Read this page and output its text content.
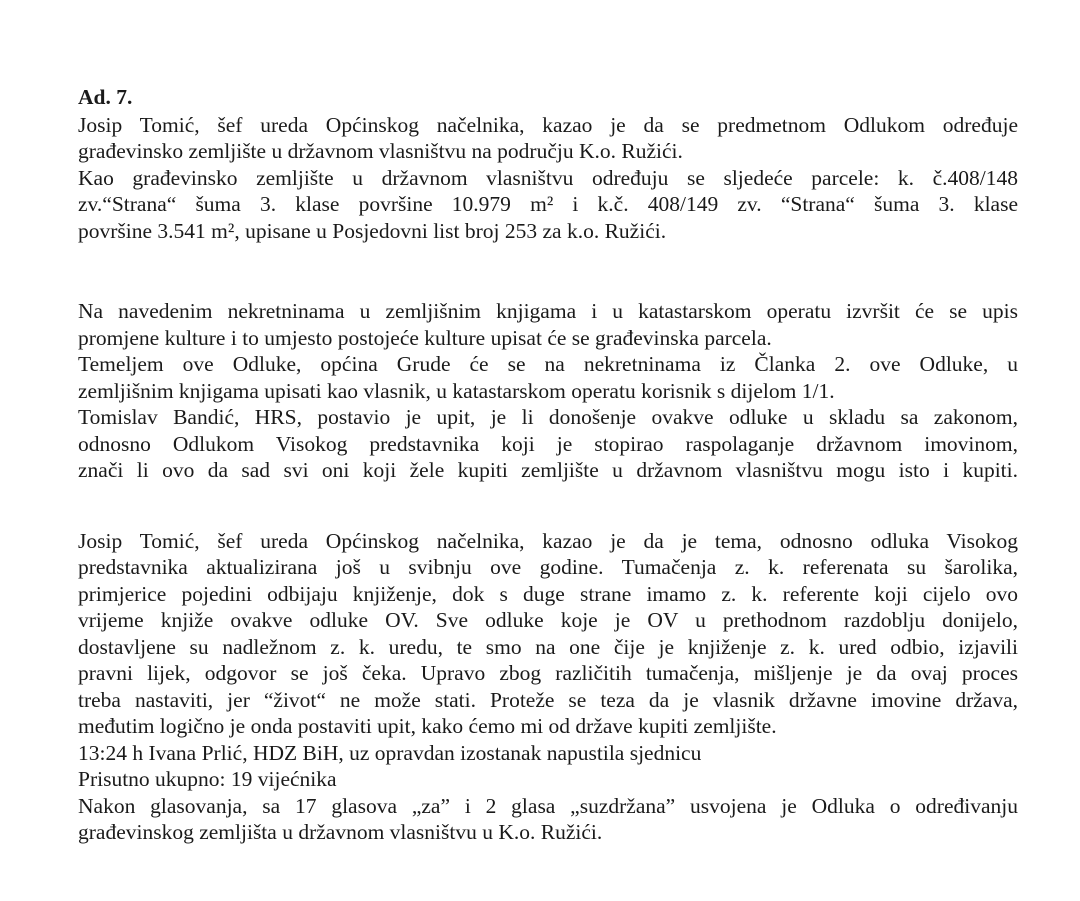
Ad. 7.
Josip Tomić, šef ureda Općinskog načelnika, kazao je da se predmetnom Odlukom određuje
građevinsko zemljište u državnom vlasništvu na području K.o. Ružići.
Kao građevinsko zemljište u državnom vlasništvu određuju se sljedeće parcele: k. č.408/148
zv.“Strana“ šuma 3. klase površine 10.979 m² i k.č. 408/149 zv. “Strana“ šuma 3. klase
površine 3.541 m², upisane u Posjedovni list broj 253 za k.o. Ružići.
Na navedenim nekretninama u zemljišnim knjigama i u katastarskom operatu izvršit će se upis
promjene kulture i to umjesto postojeće kulture upisat će se građevinska parcela.
Temeljem ove Odluke, općina Grude će se na nekretninama iz Članka 2. ove Odluke, u
zemljišnim knjigama upisati kao vlasnik, u katastarskom operatu korisnik s dijelom 1/1.
Tomislav Bandić, HRS, postavio je upit, je li donošenje ovakve odluke u skladu sa zakonom,
odnosno Odlukom Visokog predstavnika koji je stopirao raspolaganje državnom imovinom,
znači li ovo da sad svi oni koji žele kupiti zemljište u državnom vlasništvu mogu isto i kupiti.
Josip Tomić, šef ureda Općinskog načelnika, kazao je da je tema, odnosno odluka Visokog
predstavnika aktualizirana još u svibnju ove godine. Tumačenja z. k. referenata su šarolika,
primjerice pojedini odbijaju knjiženje, dok s duge strane imamo z. k. referente koji cijelo ovo
vrijeme knjiže ovakve odluke OV. Sve odluke koje je OV u prethodnom razdoblju donijelo,
dostavljene su nadležnom z. k. uredu, te smo na one čije je knjiženje z. k. ured odbio, izjavili
pravni lijek, odgovor se još čeka. Upravo zbog različitih tumačenja, mišljenje je da ovaj proces
treba nastaviti, jer “život“ ne može stati. Proteže se teza da je vlasnik državne imovine država,
međutim logično je onda postaviti upit, kako ćemo mi od države kupiti zemljište.
13:24 h Ivana Prlić, HDZ BiH, uz opravdan izostanak napustila sjednicu
Prisutno ukupno: 19 vijećnika
Nakon glasovanja, sa 17 glasova „za” i 2 glasa „suzdržana” usvojena je Odluka o određivanju
građevinskog zemljišta u državnom vlasništvu u K.o. Ružići.
